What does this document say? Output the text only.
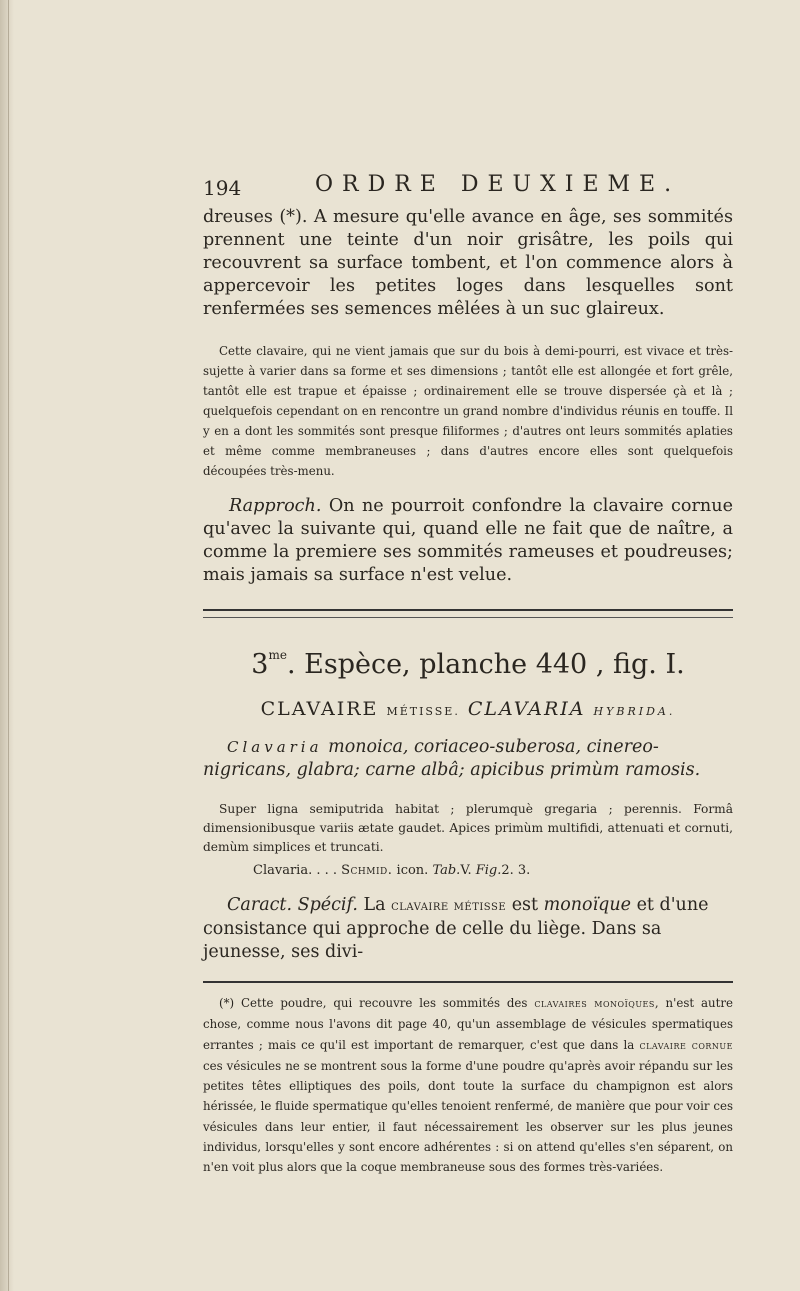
194	ORDRE DEUXIEME.

dreuses (*). A mesure qu'elle avance en âge, ses sommités prennent une teinte d'un noir grisâtre, les poils qui recouvrent sa surface tombent, et l'on commence alors à appercevoir les petites loges dans lesquelles sont renfermées ses semences mêlées à un suc glaireux.

Cette clavaire, qui ne vient jamais que sur du bois à demi-pourri, est vivace et très-sujette à varier dans sa forme et ses dimensions ; tantôt elle est allongée et fort grêle, tantôt elle est trapue et épaisse ; ordinairement elle se trouve dispersée çà et là ; quelquefois cependant on en rencontre un grand nombre d'individus réunis en touffe. Il y en a dont les sommités sont presque filiformes ; d'autres ont leurs sommités aplaties et même comme membraneuses ; dans d'autres encore elles sont quelquefois découpées très-menu.

Rapproch. On ne pourroit confondre la clavaire cornue qu'avec la suivante qui, quand elle ne fait que de naître, a comme la premiere ses sommités rameuses et poudreuses; mais jamais sa surface n'est velue.

$3^{me}$. Espèce, planche 440 , fig. I.
CLAVAIRE MÉTISSE. CLAVARIA HYBRIDA.

Clavaria monoica, coriaceo-suberosa, cinereo-nigricans, glabra; carne albâ; apicibus primùm ramosis.

Super ligna semiputrida habitat ; plerumquè gregaria ; perennis. Formâ dimensionibusque variis ætate gaudet. Apices primùm multifidi, attenuati et cornuti, demùm simplices et truncati.

Clavaria. . . . Schmid. icon. Tab.V. Fig.2. 3.

Caract. Spécif. La clavaire métisse est monoïque et d'une consistance qui approche de celle du liège. Dans sa jeunesse, ses divi-

(*) Cette poudre, qui recouvre les sommités des clavaires monoïques, n'est autre chose, comme nous l'avons dit page 40, qu'un assemblage de vésicules spermatiques errantes ; mais ce qu'il est important de remarquer, c'est que dans la clavaire cornue ces vésicules ne se montrent sous la forme d'une poudre qu'après avoir répandu sur les petites têtes elliptiques des poils, dont toute la surface du champignon est alors hérissée, le fluide spermatique qu'elles tenoient renfermé, de manière que pour voir ces vésicules dans leur entier, il faut nécessairement les observer sur les plus jeunes individus, lorsqu'elles y sont encore adhérentes : si on attend qu'elles s'en séparent, on n'en voit plus alors que la coque membraneuse sous des formes très-variées.
